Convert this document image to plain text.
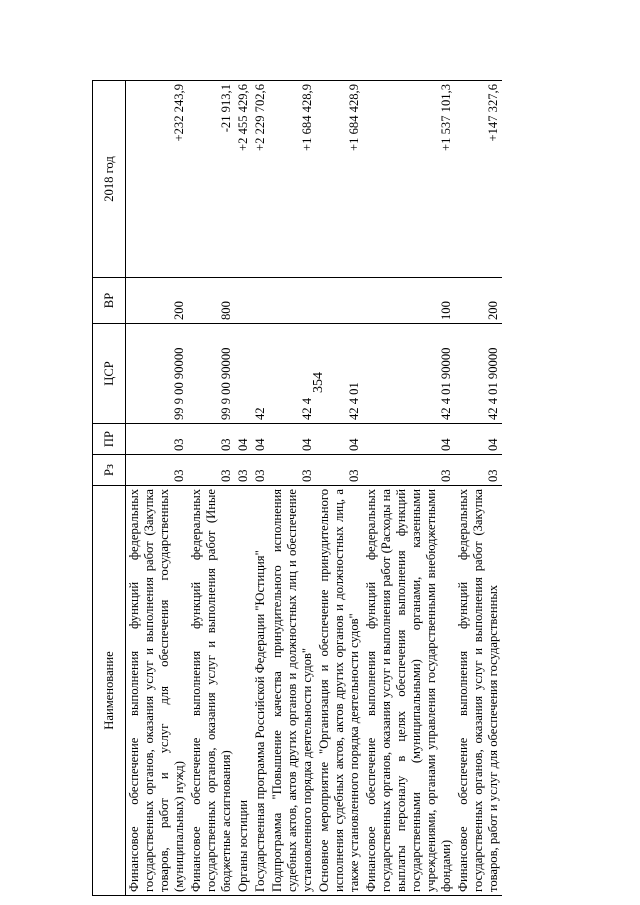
354
Наименование	Рз	ПР	ЦСР	ВР	2018 год
Финансовое обеспечение выполнения функций федеральных государственных органов, оказания услуг и выполнения работ (Закупка товаров, работ и услуг для обеспечения государственных (муниципальных) нужд)	03	03	99 9 00 90000	200	+232 243,9
Финансовое обеспечение выполнения функций федеральных государственных органов, оказания услуг и выполнения работ (Иные бюджетные ассигнования)	03	03	99 9 00 90000	800	-21 913,1
Органы юстиции	03	04			+2 455 429,6
Государственная программа Российской Федерации "Юстиция"	03	04	42		+2 229 702,6
Подпрограмма "Повышение качества принудительного исполнения судебных актов, актов других органов и должностных лиц и обеспечение установленного порядка деятельности судов"	03	04	42 4		+1 684 428,9
Основное мероприятие "Организация и обеспечение принудительного исполнения судебных актов, актов других органов и должностных лиц, а также установленного порядка деятельности судов"	03	04	42 4 01		+1 684 428,9
Финансовое обеспечение выполнения функций федеральных государственных органов, оказания услуг и выполнения работ (Расходы на выплаты персоналу в целях обеспечения выполнения функций государственными (муниципальными) органами, казенными учреждениями, органами управления государственными внебюджетными фондами)	03	04	42 4 01 90000	100	+1 537 101,3
Финансовое обеспечение выполнения функций федеральных государственных органов, оказания услуг и выполнения работ (Закупка товаров, работ и услуг для обеспечения государственных	03	04	42 4 01 90000	200	+147 327,6
